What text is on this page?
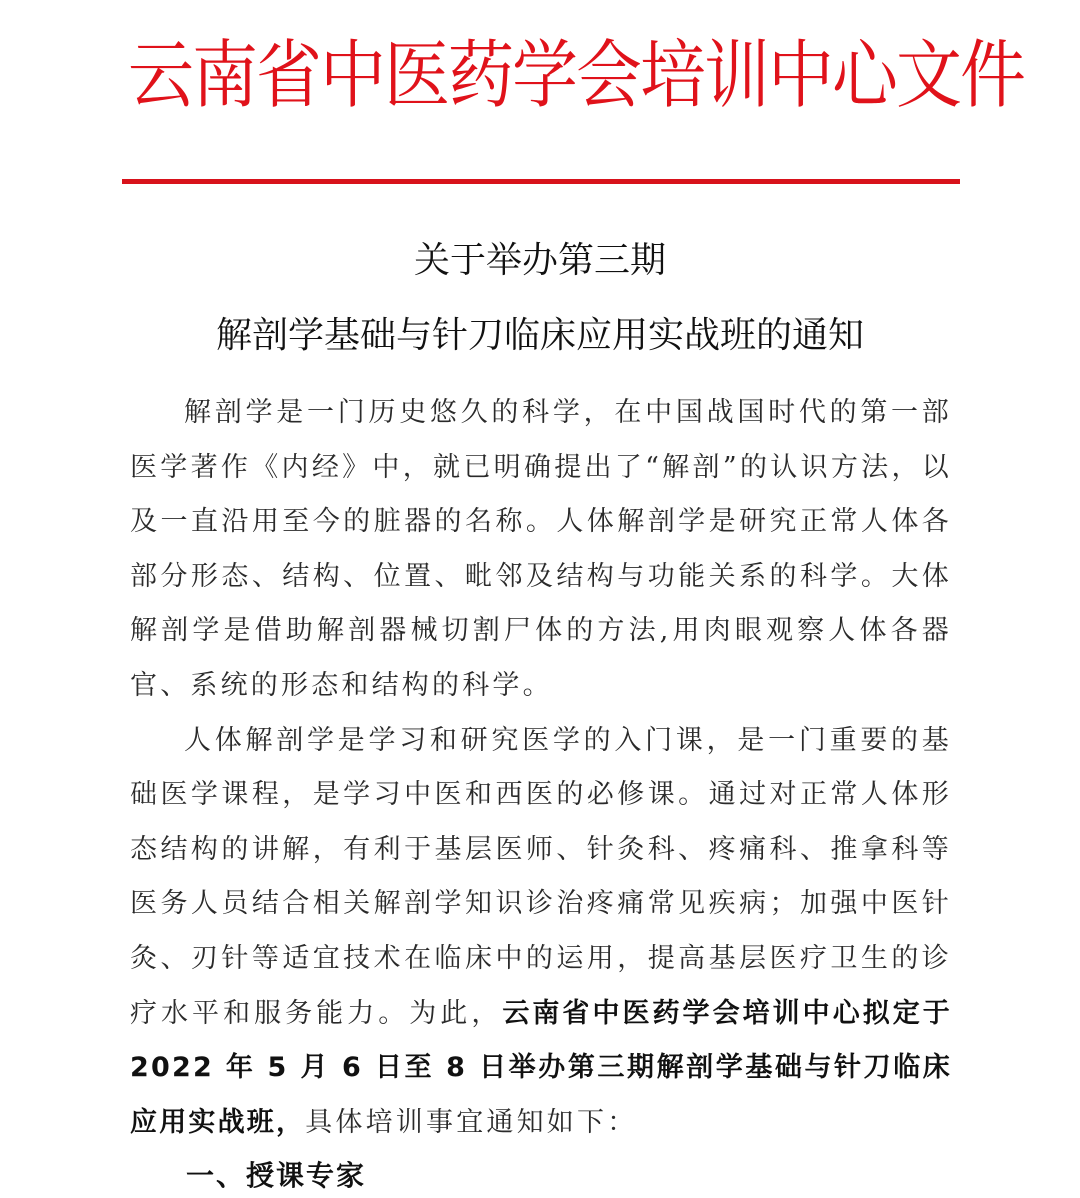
云南省中医药学会培训中心文件
关于举办第三期
解剖学基础与针刀临床应用实战班的通知

解剖学是一门历史悠久的科学，在中国战国时代的第一部医学著作《内经》中，就已明确提出了“解剖”的认识方法，以及一直沿用至今的脏器的名称。人体解剖学是研究正常人体各部分形态、结构、位置、毗邻及结构与功能关系的科学。大体解剖学是借助解剖器械切割尸体的方法,用肉眼观察人体各器官、系统的形态和结构的科学。

人体解剖学是学习和研究医学的入门课，是一门重要的基础医学课程，是学习中医和西医的必修课。通过对正常人体形态结构的讲解，有利于基层医师、针灸科、疼痛科、推拿科等医务人员结合相关解剖学知识诊治疼痛常见疾病；加强中医针灸、刃针等适宜技术在临床中的运用，提高基层医疗卫生的诊疗水平和服务能力。为此，云南省中医药学会培训中心拟定于 2022 年 5 月 6 日至 8 日举办第三期解剖学基础与针刀临床应用实战班，具体培训事宜通知如下：

一、授课专家
